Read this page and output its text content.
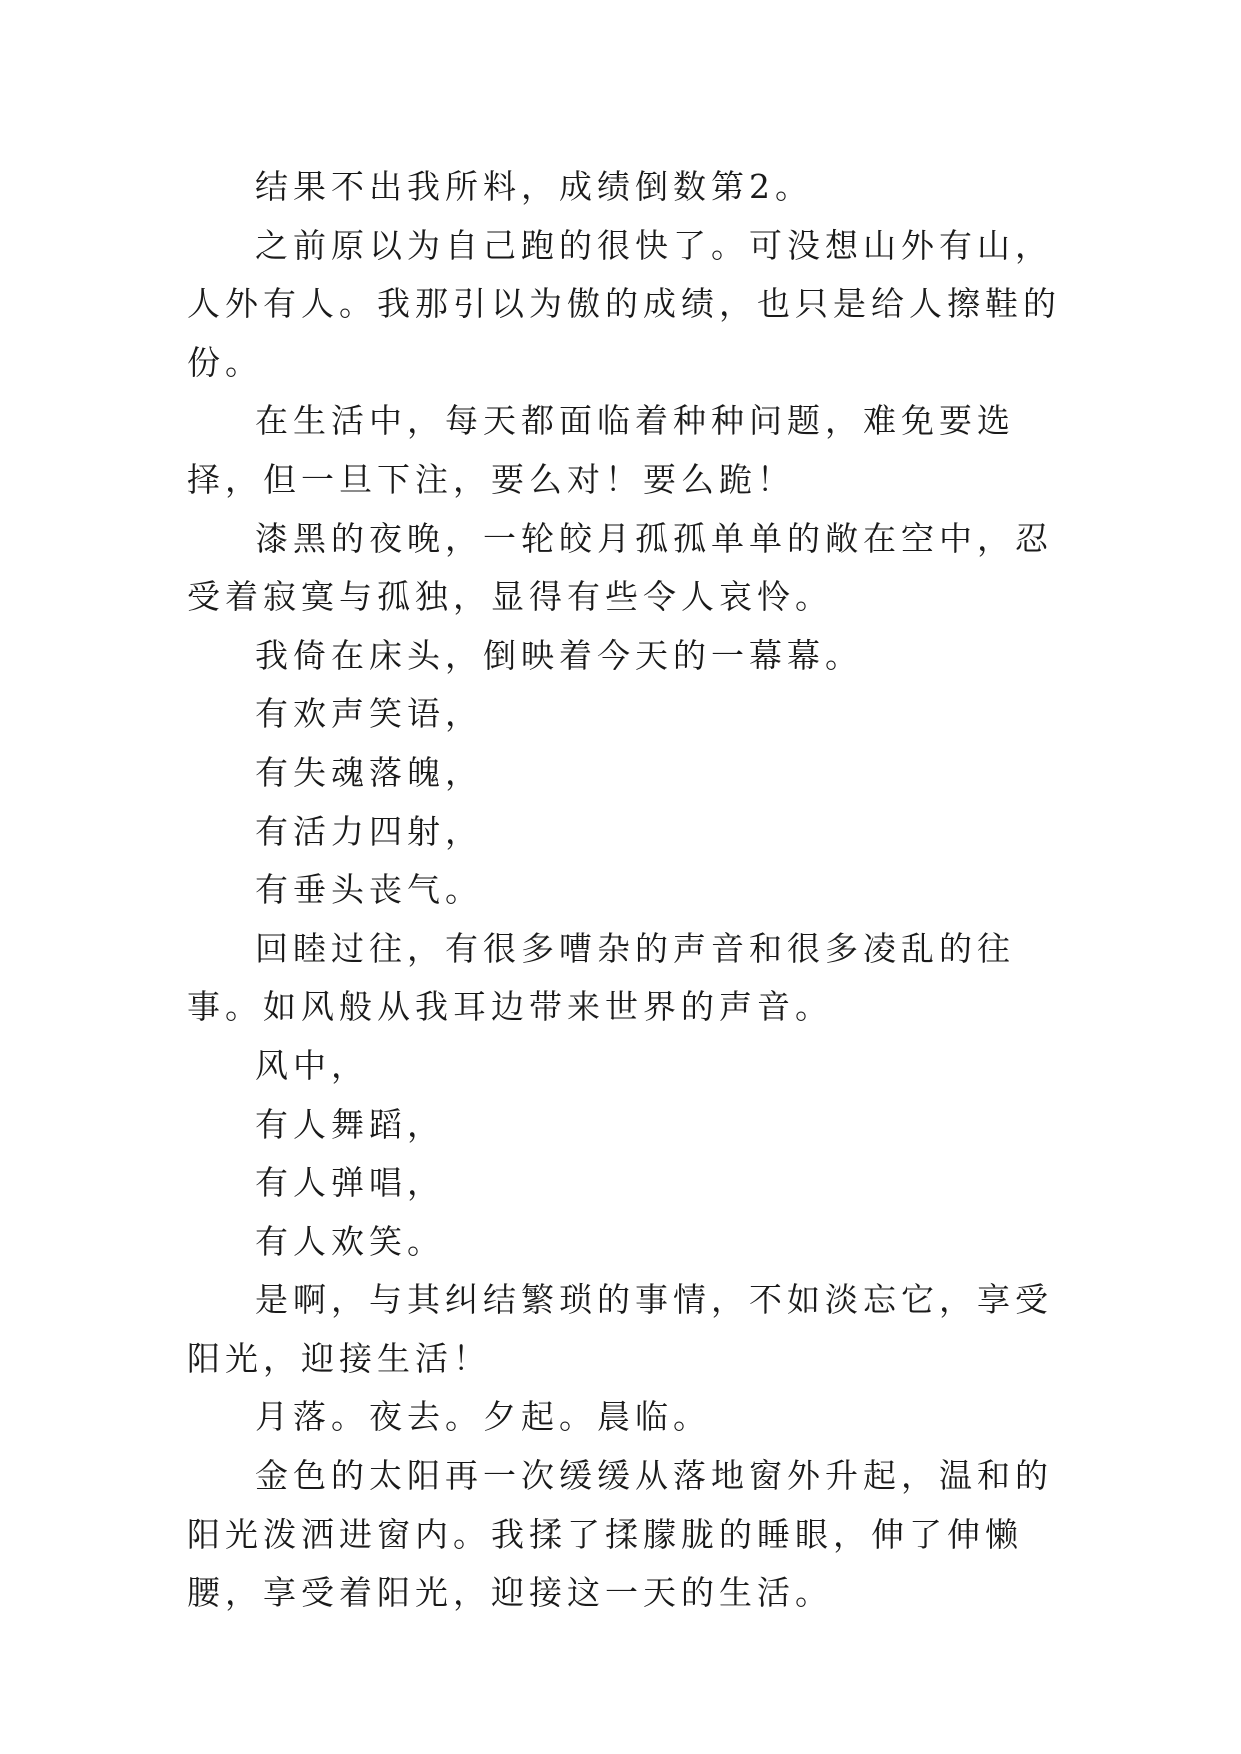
结果不出我所料，成绩倒数第2。

之前原以为自己跑的很快了。可没想山外有山，人外有人。我那引以为傲的成绩，也只是给人擦鞋的份。

在生活中，每天都面临着种种问题，难免要选择，但一旦下注，要么对！要么跪！

漆黑的夜晚，一轮皎月孤孤单单的敞在空中，忍受着寂寞与孤独，显得有些令人哀怜。

我倚在床头，倒映着今天的一幕幕。

有欢声笑语，

有失魂落魄，

有活力四射，

有垂头丧气。

回睦过往，有很多嘈杂的声音和很多凌乱的往事。如风般从我耳边带来世界的声音。

风中，

有人舞蹈，

有人弹唱，

有人欢笑。

是啊，与其纠结繁琐的事情，不如淡忘它，享受阳光，迎接生活！

月落。夜去。夕起。晨临。

金色的太阳再一次缓缓从落地窗外升起，温和的阳光泼洒进窗内。我揉了揉朦胧的睡眼，伸了伸懒腰，享受着阳光，迎接这一天的生活。
